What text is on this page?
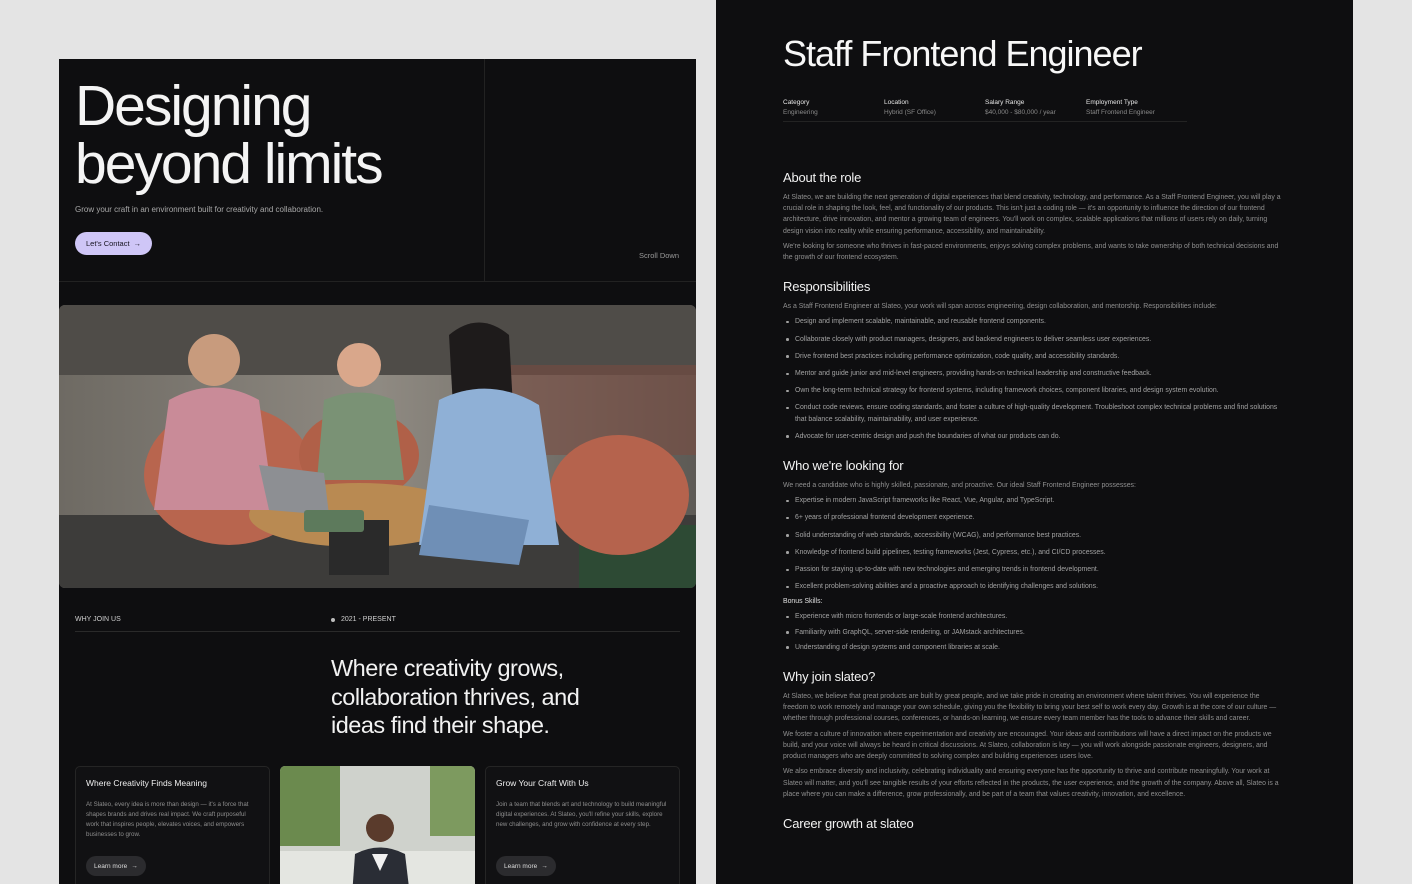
Designing
beyond limits

Grow your craft in an environment built for creativity and collaboration.

Let's Contact →
Scroll Down
WHY JOIN US	2021 - PRESENT

Where creativity grows, collaboration thrives, and ideas find their shape.

Where Creativity Finds Meaning

At Slateo, every idea is more than design — it's a force that shapes brands and drives real impact. We craft purposeful work that inspires people, elevates voices, and empowers businesses to grow.

Learn more →
Grow Your Craft With Us

Join a team that blends art and technology to build meaningful digital experiences. At Slateo, you'll refine your skills, explore new challenges, and grow with confidence at every step.

Learn more →
Staff Frontend Engineer
Category
Engineering
Location
Hybrid (SF Office)
Salary Range
$40,000 - $80,000 / year
Employment Type
Staff Frontend Engineer
About the role

At Slateo, we are building the next generation of digital experiences that blend creativity, technology, and performance. As a Staff Frontend Engineer, you will play a crucial role in shaping the look, feel, and functionality of our products. This isn't just a coding role — it's an opportunity to influence the direction of our frontend architecture, drive innovation, and mentor a growing team of engineers. You'll work on complex, scalable applications that millions of users rely on daily, turning design vision into reality while ensuring performance, accessibility, and maintainability.

We're looking for someone who thrives in fast-paced environments, enjoys solving complex problems, and wants to take ownership of both technical decisions and the growth of our frontend ecosystem.

Responsibilities

As a Staff Frontend Engineer at Slateo, your work will span across engineering, design collaboration, and mentorship. Responsibilities include:

Design and implement scalable, maintainable, and reusable frontend components.
Collaborate closely with product managers, designers, and backend engineers to deliver seamless user experiences.
Drive frontend best practices including performance optimization, code quality, and accessibility standards.
Mentor and guide junior and mid-level engineers, providing hands-on technical leadership and constructive feedback.
Own the long-term technical strategy for frontend systems, including framework choices, component libraries, and design system evolution.
Conduct code reviews, ensure coding standards, and foster a culture of high-quality development. Troubleshoot complex technical problems and find solutions that balance scalability, maintainability, and user experience.
Advocate for user-centric design and push the boundaries of what our products can do.
Who we're looking for

We need a candidate who is highly skilled, passionate, and proactive. Our ideal Staff Frontend Engineer possesses:

Expertise in modern JavaScript frameworks like React, Vue, Angular, and TypeScript.
6+ years of professional frontend development experience.
Solid understanding of web standards, accessibility (WCAG), and performance best practices.
Knowledge of frontend build pipelines, testing frameworks (Jest, Cypress, etc.), and CI/CD processes.
Passion for staying up-to-date with new technologies and emerging trends in frontend development.
Excellent problem-solving abilities and a proactive approach to identifying challenges and solutions.
Bonus Skills:
Experience with micro frontends or large-scale frontend architectures.
Familiarity with GraphQL, server-side rendering, or JAMstack architectures.
Understanding of design systems and component libraries at scale.
Why join slateo?

At Slateo, we believe that great products are built by great people, and we take pride in creating an environment where talent thrives. You will experience the freedom to work remotely and manage your own schedule, giving you the flexibility to bring your best self to work every day. Growth is at the core of our culture — whether through professional courses, conferences, or hands-on learning, we ensure every team member has the tools to advance their skills and career.

We foster a culture of innovation where experimentation and creativity are encouraged. Your ideas and contributions will have a direct impact on the products we build, and your voice will always be heard in critical discussions. At Slateo, collaboration is key — you will work alongside passionate engineers, designers, and product managers who are deeply committed to solving complex and building experiences users love.

We also embrace diversity and inclusivity, celebrating individuality and ensuring everyone has the opportunity to thrive and contribute meaningfully. Your work at Slateo will matter, and you'll see tangible results of your efforts reflected in the products, the user experience, and the growth of the company. Above all, Slateo is a place where you can make a difference, grow professionally, and be part of a team that values creativity, innovation, and excellence.

Career growth at slateo
